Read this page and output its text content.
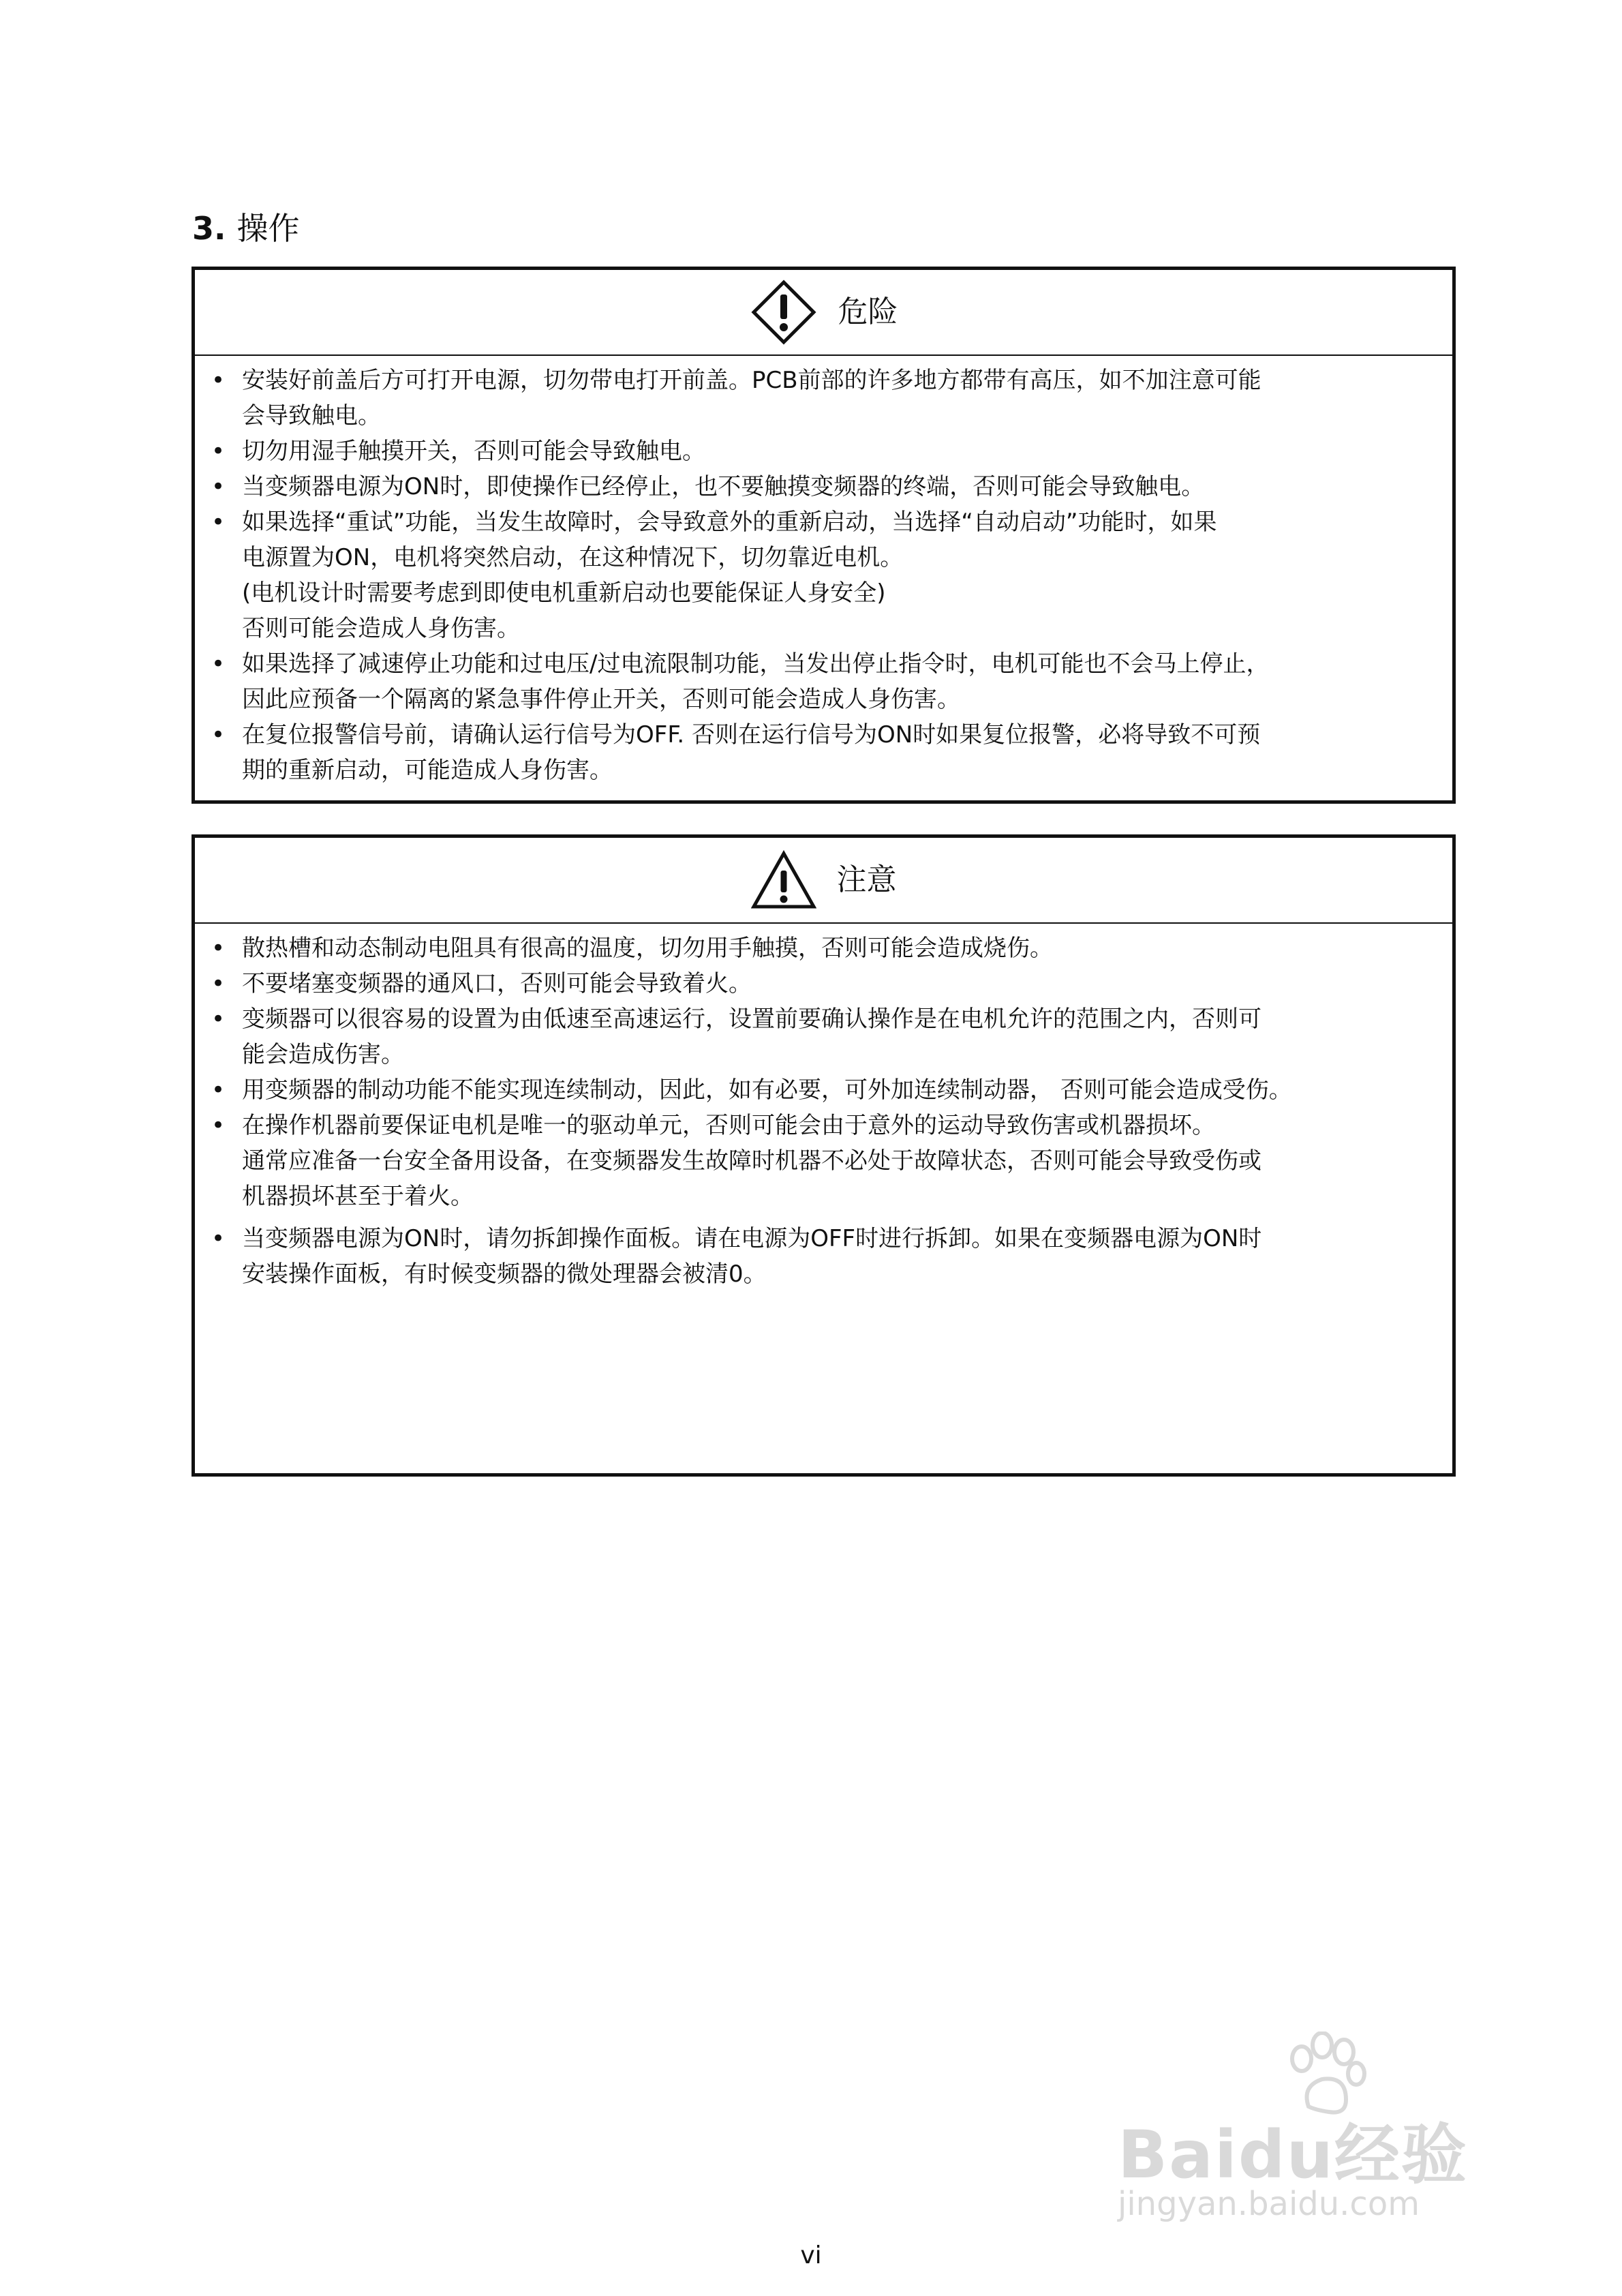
3. 操作
危险
• 安装好前盖后方可打开电源，切勿带电打开前盖。PCB前部的许多地方都带有高压，如不加注意可能
会导致触电。
• 切勿用湿手触摸开关，否则可能会导致触电。
• 当变频器电源为ON时，即使操作已经停止，也不要触摸变频器的终端，否则可能会导致触电。
• 如果选择“重试”功能，当发生故障时，会导致意外的重新启动，当选择“自动启动”功能时，如果
电源置为ON，电机将突然启动，在这种情况下，切勿靠近电机。
(电机设计时需要考虑到即使电机重新启动也要能保证人身安全)
否则可能会造成人身伤害。
• 如果选择了减速停止功能和过电压/过电流限制功能，当发出停止指令时，电机可能也不会马上停止，
因此应预备一个隔离的紧急事件停止开关，否则可能会造成人身伤害。
• 在复位报警信号前，请确认运行信号为OFF. 否则在运行信号为ON时如果复位报警，必将导致不可预
期的重新启动，可能造成人身伤害。
注意
• 散热槽和动态制动电阻具有很高的温度，切勿用手触摸，否则可能会造成烧伤。
• 不要堵塞变频器的通风口，否则可能会导致着火。
• 变频器可以很容易的设置为由低速至高速运行，设置前要确认操作是在电机允许的范围之内，否则可
能会造成伤害。
• 用变频器的制动功能不能实现连续制动，因此，如有必要，可外加连续制动器， 否则可能会造成受伤。
• 在操作机器前要保证电机是唯一的驱动单元，否则可能会由于意外的运动导致伤害或机器损坏。
通常应准备一台安全备用设备，在变频器发生故障时机器不必处于故障状态，否则可能会导致受伤或
机器损坏甚至于着火。
• 当变频器电源为ON时，请勿拆卸操作面板。请在电源为OFF时进行拆卸。如果在变频器电源为ON时
安装操作面板，有时候变频器的微处理器会被清0。
vi
Baidu经验
jingyan.baidu.com
